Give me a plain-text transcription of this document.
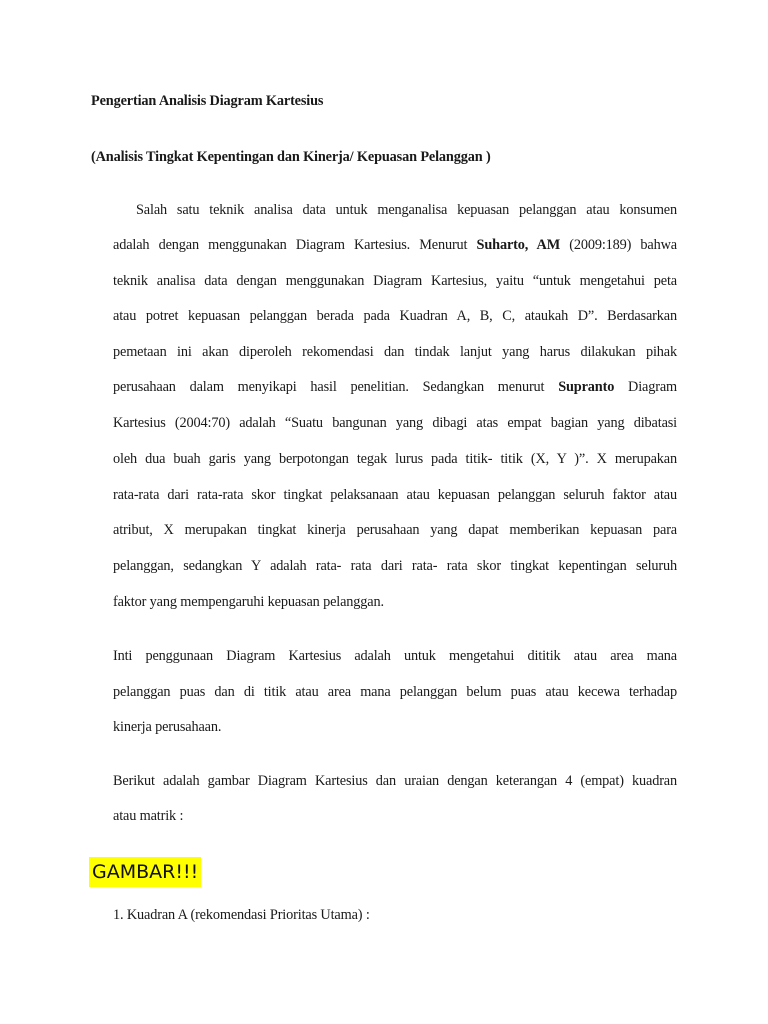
Pengertian Analisis Diagram Kartesius
(Analisis Tingkat Kepentingan dan Kinerja/ Kepuasan Pelanggan )
Salah satu teknik analisa data untuk menganalisa kepuasan pelanggan atau konsumen
adalah dengan menggunakan Diagram Kartesius. Menurut Suharto, AM (2009:189) bahwa
teknik analisa data dengan menggunakan Diagram Kartesius, yaitu “untuk mengetahui peta
atau potret kepuasan pelanggan berada pada Kuadran A, B, C, ataukah D”. Berdasarkan
pemetaan ini akan diperoleh rekomendasi dan tindak lanjut yang harus dilakukan pihak
perusahaan dalam menyikapi hasil penelitian. Sedangkan menurut Supranto Diagram
Kartesius (2004:70) adalah “Suatu bangunan yang dibagi atas empat bagian yang dibatasi
oleh dua buah garis yang berpotongan tegak lurus pada titik- titik (X, Y )”. X merupakan
rata-rata dari rata-rata skor tingkat pelaksanaan atau kepuasan pelanggan seluruh faktor atau
atribut, X merupakan tingkat kinerja perusahaan yang dapat memberikan kepuasan para
pelanggan, sedangkan Y adalah rata- rata dari rata- rata skor tingkat kepentingan seluruh
faktor yang mempengaruhi kepuasan pelanggan.
Inti penggunaan Diagram Kartesius adalah untuk mengetahui dititik atau area mana
pelanggan puas dan di titik atau area mana pelanggan belum puas atau kecewa terhadap
kinerja perusahaan.
Berikut adalah gambar Diagram Kartesius dan uraian dengan keterangan 4 (empat) kuadran
atau matrik :
GAMBAR!!!
1. Kuadran A (rekomendasi Prioritas Utama) :
